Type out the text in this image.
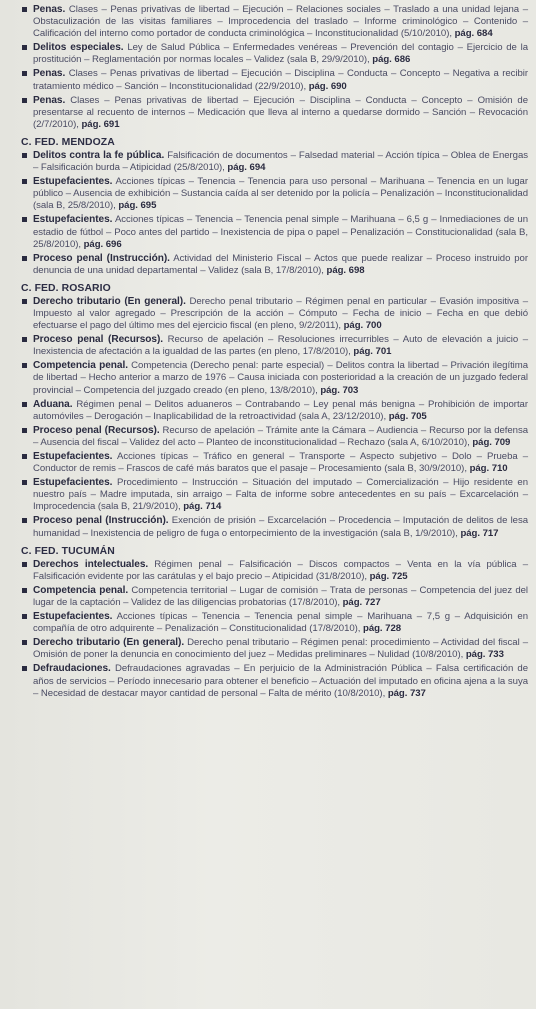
Penas. Clases – Penas privativas de libertad – Ejecución – Relaciones sociales – Traslado a una unidad lejana – Obstaculización de las visitas familiares – Improcedencia del traslado – Informe criminológico – Contenido – Calificación del interno como portador de conducta criminológica – Inconstitucionalidad (5/10/2010), pág. 684
Delitos especiales. Ley de Salud Pública – Enfermedades venéreas – Prevención del contagio – Ejercicio de la prostitución – Reglamentación por normas locales – Validez (sala B, 29/9/2010), pág. 686
Penas. Clases – Penas privativas de libertad – Ejecución – Disciplina – Conducta – Concepto – Negativa a recibir tratamiento médico – Sanción – Inconstitucionalidad (22/9/2010), pág. 690
Penas. Clases – Penas privativas de libertad – Ejecución – Disciplina – Conducta – Concepto – Omisión de presentarse al recuento de internos – Medicación que lleva al interno a quedarse dormido – Sanción – Revocación (2/7/2010), pág. 691
C. FED. MENDOZA
Delitos contra la fe pública. Falsificación de documentos – Falsedad material – Acción típica – Oblea de Energas – Falsificación burda – Atipicidad (25/8/2010), pág. 694
Estupefacientes. Acciones típicas – Tenencia – Tenencia para uso personal – Marihuana – Tenencia en un lugar público – Ausencia de exhibición – Sustancia caída al ser detenido por la policía – Penalización – Inconstitucionalidad (sala B, 25/8/2010), pág. 695
Estupefacientes. Acciones típicas – Tenencia – Tenencia penal simple – Marihuana – 6,5 g – Inmediaciones de un estadio de fútbol – Poco antes del partido – Inexistencia de pipa o papel – Penalización – Constitucionalidad (sala B, 25/8/2010), pág. 696
Proceso penal (Instrucción). Actividad del Ministerio Fiscal – Actos que puede realizar – Proceso instruido por denuncia de una unidad departamental – Validez (sala B, 17/8/2010), pág. 698
C. FED. ROSARIO
Derecho tributario (En general). Derecho penal tributario – Régimen penal en particular – Evasión impositiva – Impuesto al valor agregado – Prescripción de la acción – Cómputo – Fecha de inicio – Fecha en que debió efectuarse el pago del último mes del ejercicio fiscal (en pleno, 9/2/2011), pág. 700
Proceso penal (Recursos). Recurso de apelación – Resoluciones irrecurribles – Auto de elevación a juicio – Inexistencia de afectación a la igualdad de las partes (en pleno, 17/8/2010), pág. 701
Competencia penal. Competencia (Derecho penal: parte especial) – Delitos contra la libertad – Privación ilegítima de libertad – Hecho anterior a marzo de 1976 – Causa iniciada con posterioridad a la creación de un juzgado federal provincial – Competencia del juzgado creado (en pleno, 13/8/2010), pág. 703
Aduana. Régimen penal – Delitos aduaneros – Contrabando – Ley penal más benigna – Prohibición de importar automóviles – Derogación – Inaplicabilidad de la retroactividad (sala A, 23/12/2010), pág. 705
Proceso penal (Recursos). Recurso de apelación – Trámite ante la Cámara – Audiencia – Recurso por la defensa – Ausencia del fiscal – Validez del acto – Planteo de inconstitucionalidad – Rechazo (sala A, 6/10/2010), pág. 709
Estupefacientes. Acciones típicas – Tráfico en general – Transporte – Aspecto subjetivo – Dolo – Prueba – Conductor de remis – Frascos de café más baratos que el pasaje – Procesamiento (sala B, 30/9/2010), pág. 710
Estupefacientes. Procedimiento – Instrucción – Situación del imputado – Comercialización – Hijo residente en nuestro país – Madre imputada, sin arraigo – Falta de informe sobre antecedentes en su país – Excarcelación – Improcedencia (sala B, 21/9/2010), pág. 714
Proceso penal (Instrucción). Exención de prisión – Excarcelación – Procedencia – Imputación de delitos de lesa humanidad – Inexistencia de peligro de fuga o entorpecimiento de la investigación (sala B, 1/9/2010), pág. 717
C. FED. TUCUMÁN
Derechos intelectuales. Régimen penal – Falsificación – Discos compactos – Venta en la vía pública – Falsificación evidente por las carátulas y el bajo precio – Atipicidad (31/8/2010), pág. 725
Competencia penal. Competencia territorial – Lugar de comisión – Trata de personas – Competencia del juez del lugar de la captación – Validez de las diligencias probatorias (17/8/2010), pág. 727
Estupefacientes. Acciones típicas – Tenencia – Tenencia penal simple – Marihuana – 7,5 g – Adquisición en compañía de otro adquirente – Penalización – Constitucionalidad (17/8/2010), pág. 728
Derecho tributario (En general). Derecho penal tributario – Régimen penal: procedimiento – Actividad del fiscal – Omisión de poner la denuncia en conocimiento del juez – Medidas preliminares – Nulidad (10/8/2010), pág. 733
Defraudaciones. Defraudaciones agravadas – En perjuicio de la Administración Pública – Falsa certificación de años de servicios – Período innecesario para obtener el beneficio – Actuación del imputado en oficina ajena a la suya – Necesidad de destacar mayor cantidad de personal – Falta de mérito (10/8/2010), pág. 737
